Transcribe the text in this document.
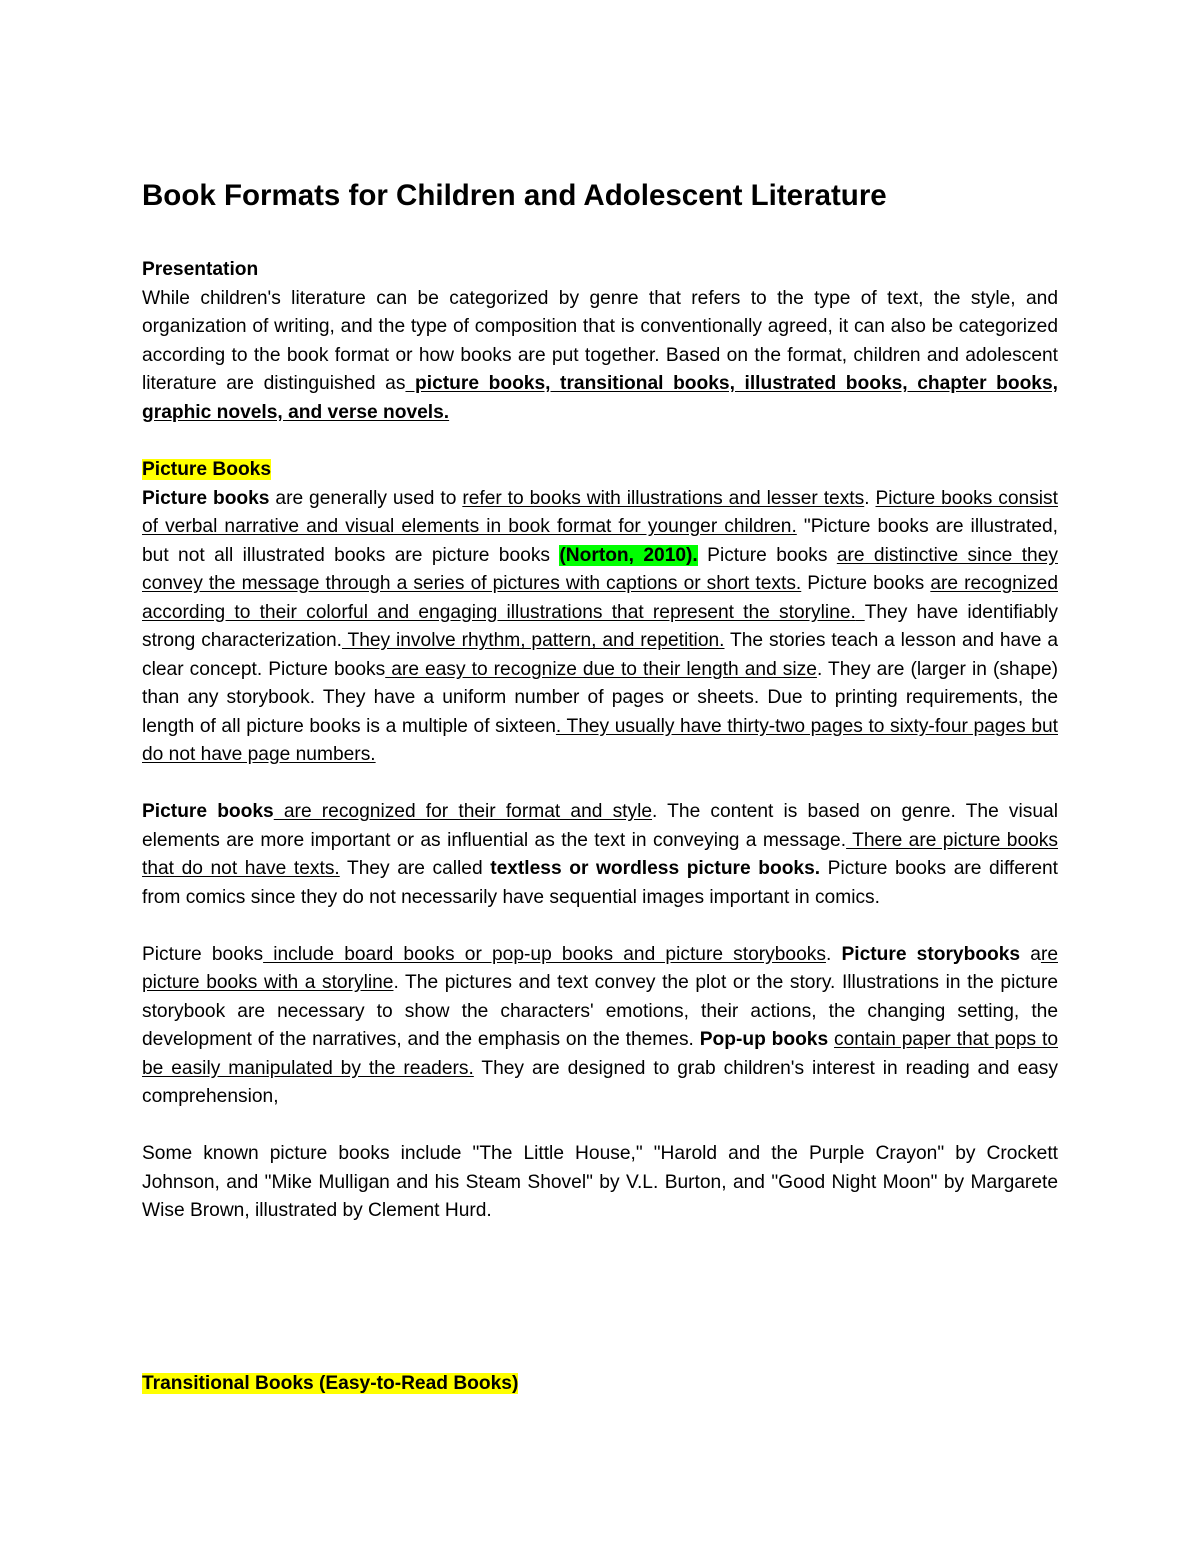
Book Formats for Children and Adolescent Literature

Presentation

While children's literature can be categorized by genre that refers to the type of text, the style, and organization of writing, and the type of composition that is conventionally agreed, it can also be categorized according to the book format or how books are put together. Based on the format, children and adolescent literature are distinguished as picture books, transitional books, illustrated books, chapter books, graphic novels, and verse novels.

Picture Books

Picture books are generally used to refer to books with illustrations and lesser texts. Picture books consist of verbal narrative and visual elements in book format for younger children. "Picture books are illustrated, but not all illustrated books are picture books (Norton, 2010). Picture books are distinctive since they convey the message through a series of pictures with captions or short texts. Picture books are recognized according to their colorful and engaging illustrations that represent the storyline. They have identifiably strong characterization. They involve rhythm, pattern, and repetition. The stories teach a lesson and have a clear concept. Picture books are easy to recognize due to their length and size. They are (larger in (shape) than any storybook. They have a uniform number of pages or sheets. Due to printing requirements, the length of all picture books is a multiple of sixteen. They usually have thirty-two pages to sixty-four pages but do not have page numbers.

Picture books are recognized for their format and style. The content is based on genre. The visual elements are more important or as influential as the text in conveying a message. There are picture books that do not have texts. They are called textless or wordless picture books. Picture books are different from comics since they do not necessarily have sequential images important in comics.

Picture books include board books or pop-up books and picture storybooks. Picture storybooks are picture books with a storyline. The pictures and text convey the plot or the story. Illustrations in the picture storybook are necessary to show the characters' emotions, their actions, the changing setting, the development of the narratives, and the emphasis on the themes. Pop-up books contain paper that pops to be easily manipulated by the readers. They are designed to grab children's interest in reading and easy comprehension,

Some known picture books include "The Little House," "Harold and the Purple Crayon" by Crockett Johnson, and "Mike Mulligan and his Steam Shovel" by V.L. Burton, and "Good Night Moon" by Margarete Wise Brown, illustrated by Clement Hurd.

Transitional Books (Easy-to-Read Books)
